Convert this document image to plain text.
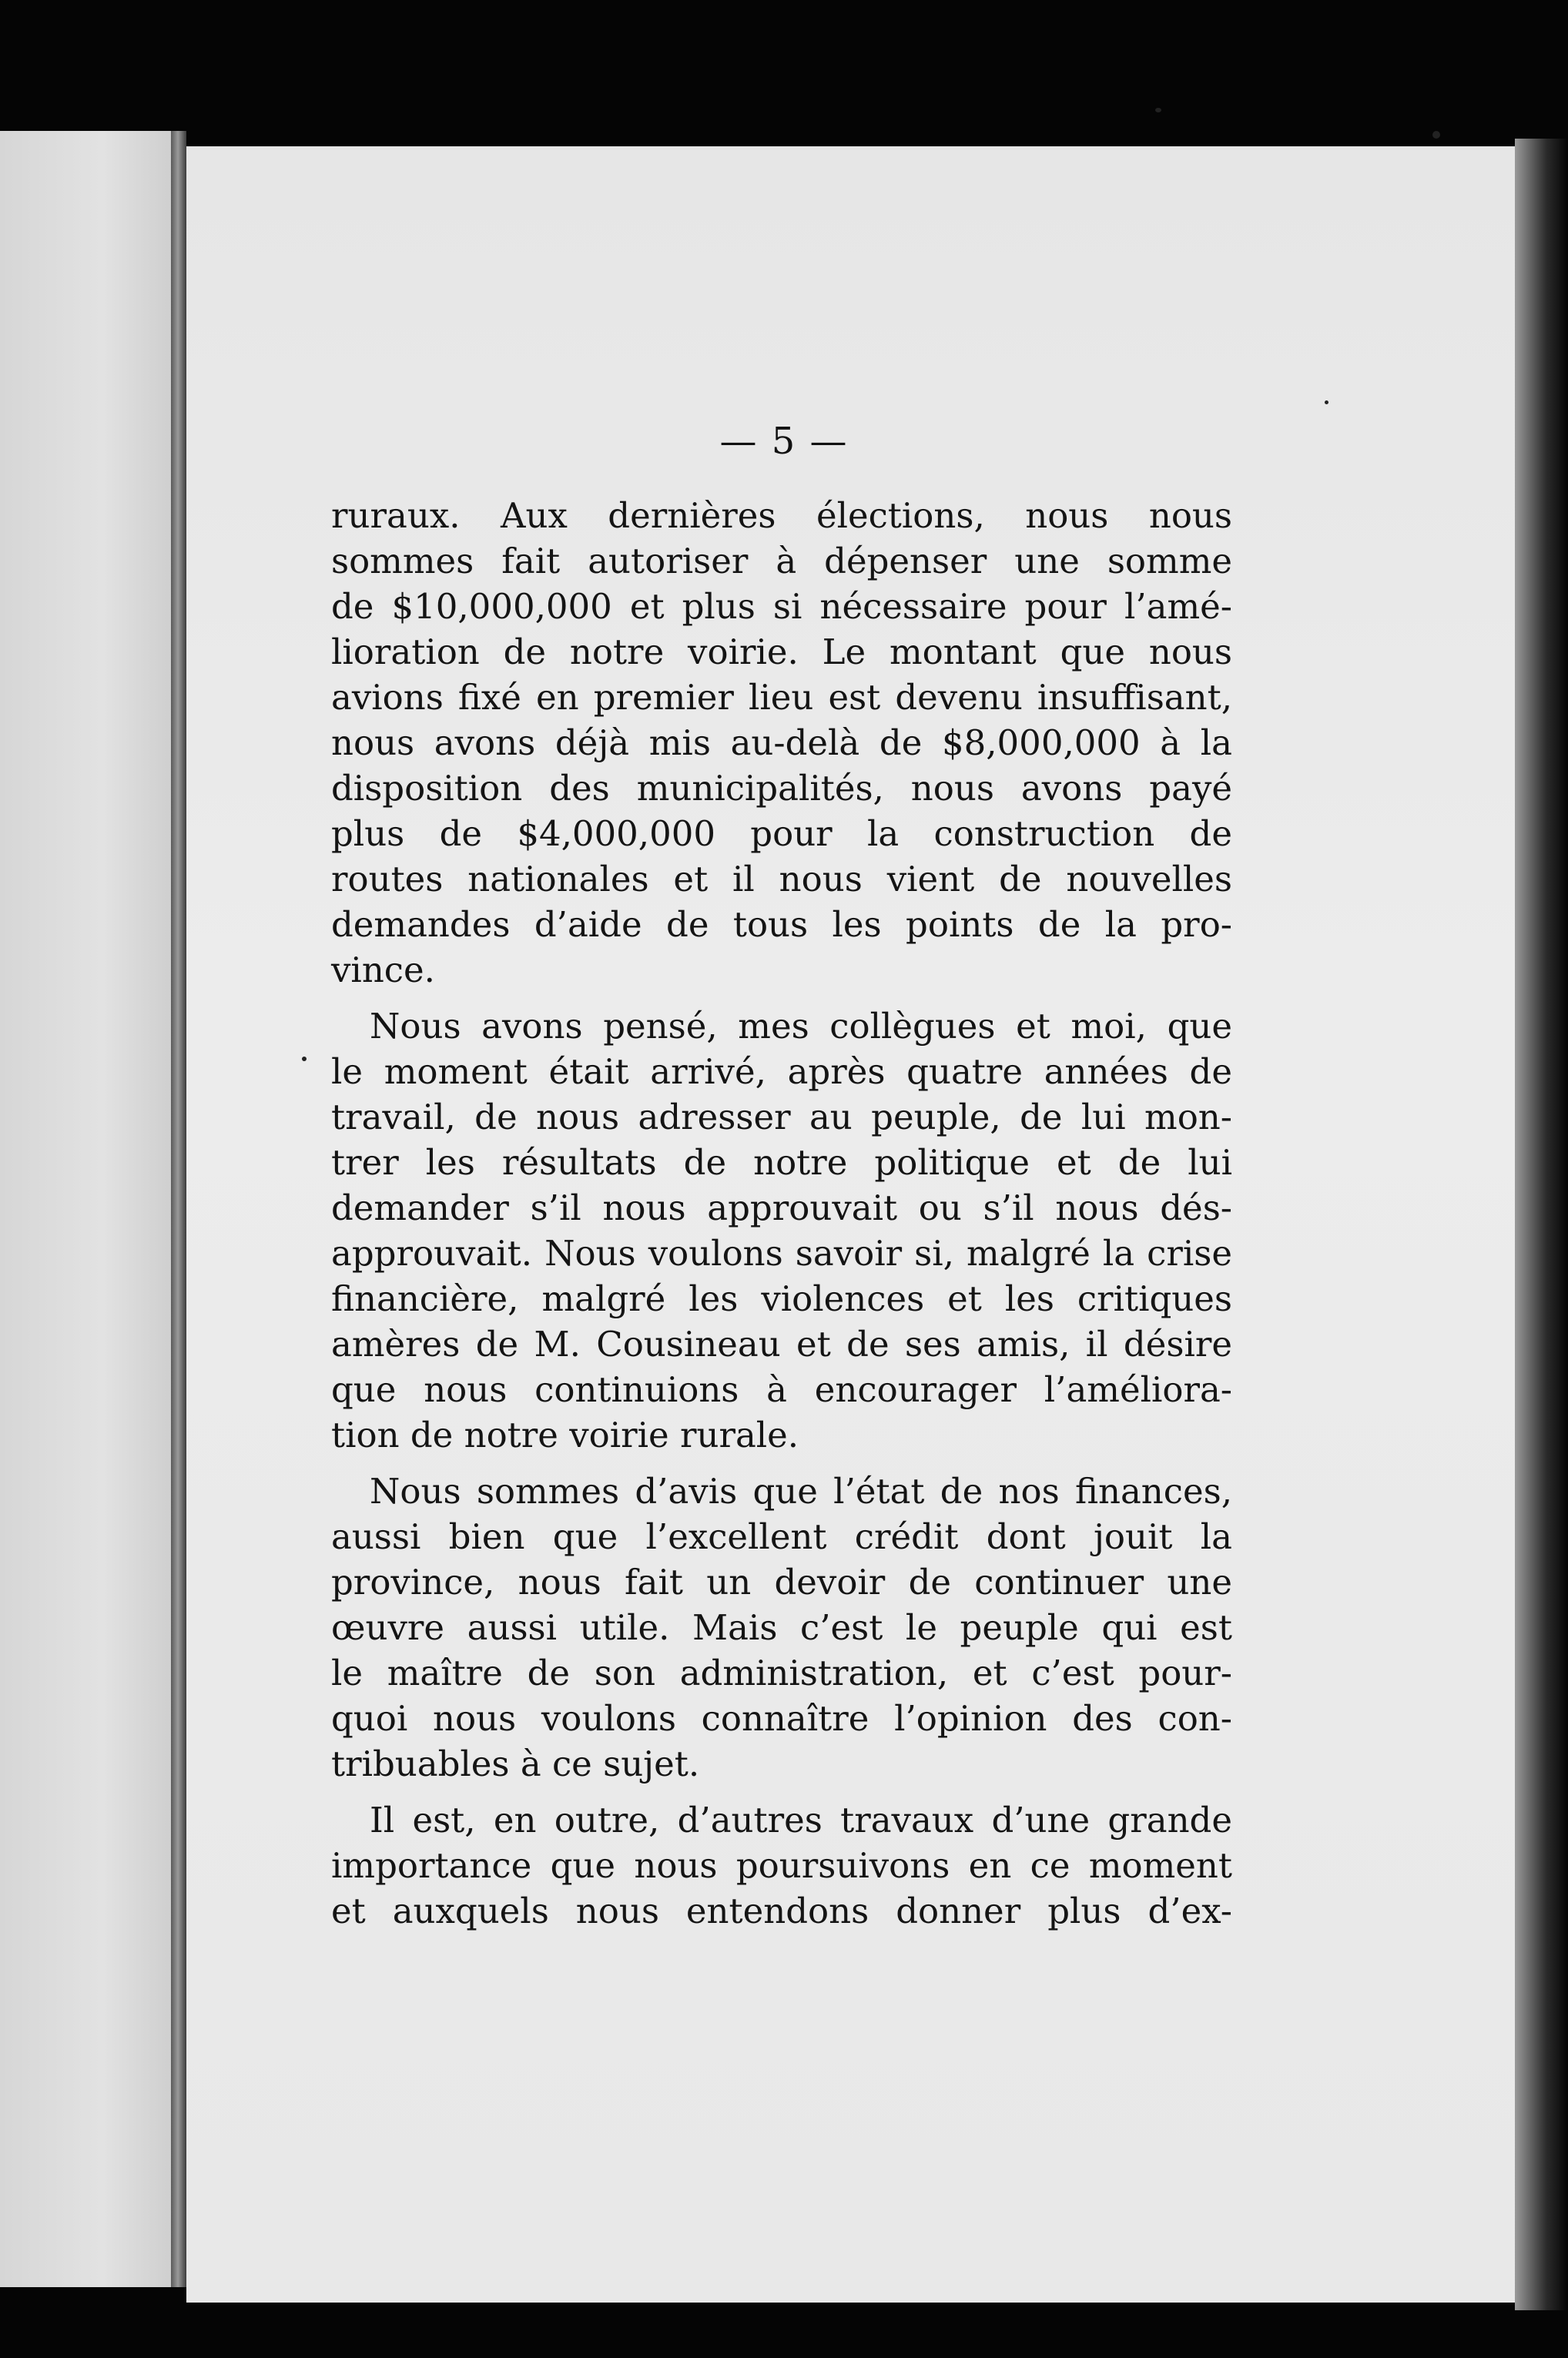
— 5 —

ruraux. Aux dernières élections, nous nous

sommes fait autoriser à dépenser une somme

de $10,000,000 et plus si nécessaire pour l’amé-

lioration de notre voirie. Le montant que nous

avions fixé en premier lieu est devenu insuffisant,

nous avons déjà mis au-delà de $8,000,000 à la

disposition des municipalités, nous avons payé

plus de $4,000,000 pour la construction de

routes nationales et il nous vient de nouvelles

demandes d’aide de tous les points de la pro-

vince.

Nous avons pensé, mes collègues et moi, que

le moment était arrivé, après quatre années de

travail, de nous adresser au peuple, de lui mon-

trer les résultats de notre politique et de lui

demander s’il nous approuvait ou s’il nous dés-

approuvait. Nous voulons savoir si, malgré la crise

financière, malgré les violences et les critiques

amères de M. Cousineau et de ses amis, il désire

que nous continuions à encourager l’améliora-

tion de notre voirie rurale.

Nous sommes d’avis que l’état de nos finances,

aussi bien que l’excellent crédit dont jouit la

province, nous fait un devoir de continuer une

œuvre aussi utile. Mais c’est le peuple qui est

le maître de son administration, et c’est pour-

quoi nous voulons connaître l’opinion des con-

tribuables à ce sujet.

Il est, en outre, d’autres travaux d’une grande

importance que nous poursuivons en ce moment

et auxquels nous entendons donner plus d’ex-
